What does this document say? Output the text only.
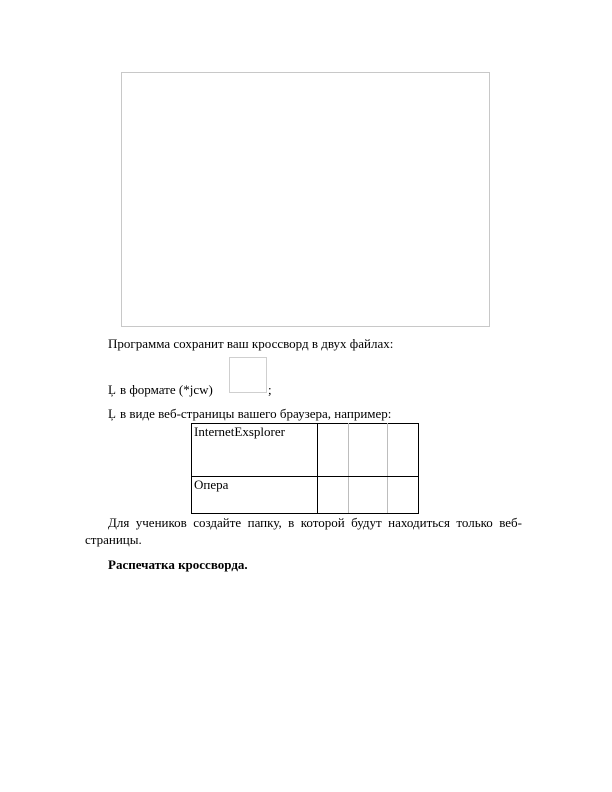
Программа сохранит ваш кроссворд в двух файлах:
Ļ в формате (*jcw)	;
Ļ в виде веб-страницы вашего браузера, например:
InternetExsplorer			
Опера			

Для учеников создайте папку, в которой будут находиться только веб-страницы.

Распечатка кроссворда.
